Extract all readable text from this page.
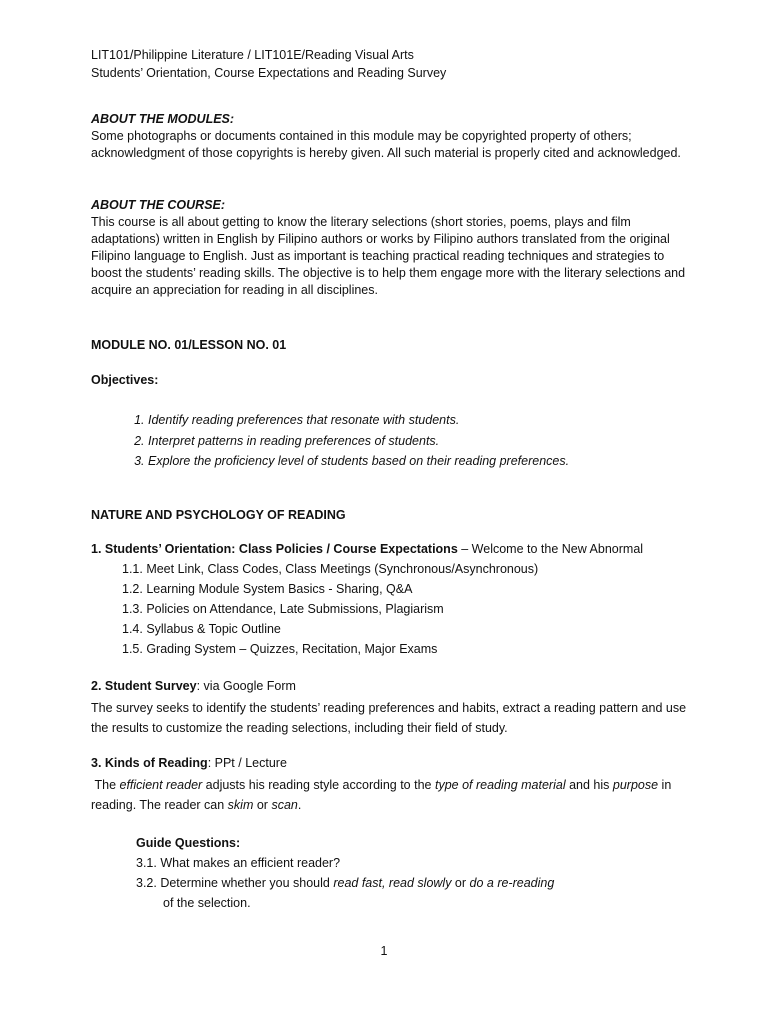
LIT101/Philippine Literature / LIT101E/Reading Visual Arts
Students’ Orientation, Course Expectations and Reading Survey
ABOUT THE MODULES:
Some photographs or documents contained in this module may be copyrighted property of others; acknowledgment of those copyrights is hereby given. All such material is properly cited and acknowledged.
ABOUT THE COURSE:
This course is all about getting to know the literary selections (short stories, poems, plays and film adaptations) written in English by Filipino authors or works by Filipino authors translated from the original Filipino language to English. Just as important is teaching practical reading techniques and strategies to boost the students’ reading skills. The objective is to help them engage more with the literary selections and acquire an appreciation for reading in all disciplines.
MODULE NO. 01/LESSON NO. 01
Objectives:
1. Identify reading preferences that resonate with students.
2. Interpret patterns in reading preferences of students.
3. Explore the proficiency level of students based on their reading preferences.
NATURE AND PSYCHOLOGY OF READING
1. Students’ Orientation: Class Policies / Course Expectations – Welcome to the New Abnormal
1.1. Meet Link, Class Codes, Class Meetings (Synchronous/Asynchronous)
1.2. Learning Module System Basics - Sharing, Q&A
1.3. Policies on Attendance, Late Submissions, Plagiarism
1.4. Syllabus & Topic Outline
1.5. Grading System – Quizzes, Recitation, Major Exams
2. Student Survey: via Google Form
The survey seeks to identify the students’ reading preferences and habits, extract a reading pattern and use the results to customize the reading selections, including their field of study.
3. Kinds of Reading: PPt / Lecture
The efficient reader adjusts his reading style according to the type of reading material and his purpose in reading. The reader can skim or scan.
Guide Questions:
3.1. What makes an efficient reader?
3.2. Determine whether you should read fast, read slowly or do a re-reading
of the selection.
1
